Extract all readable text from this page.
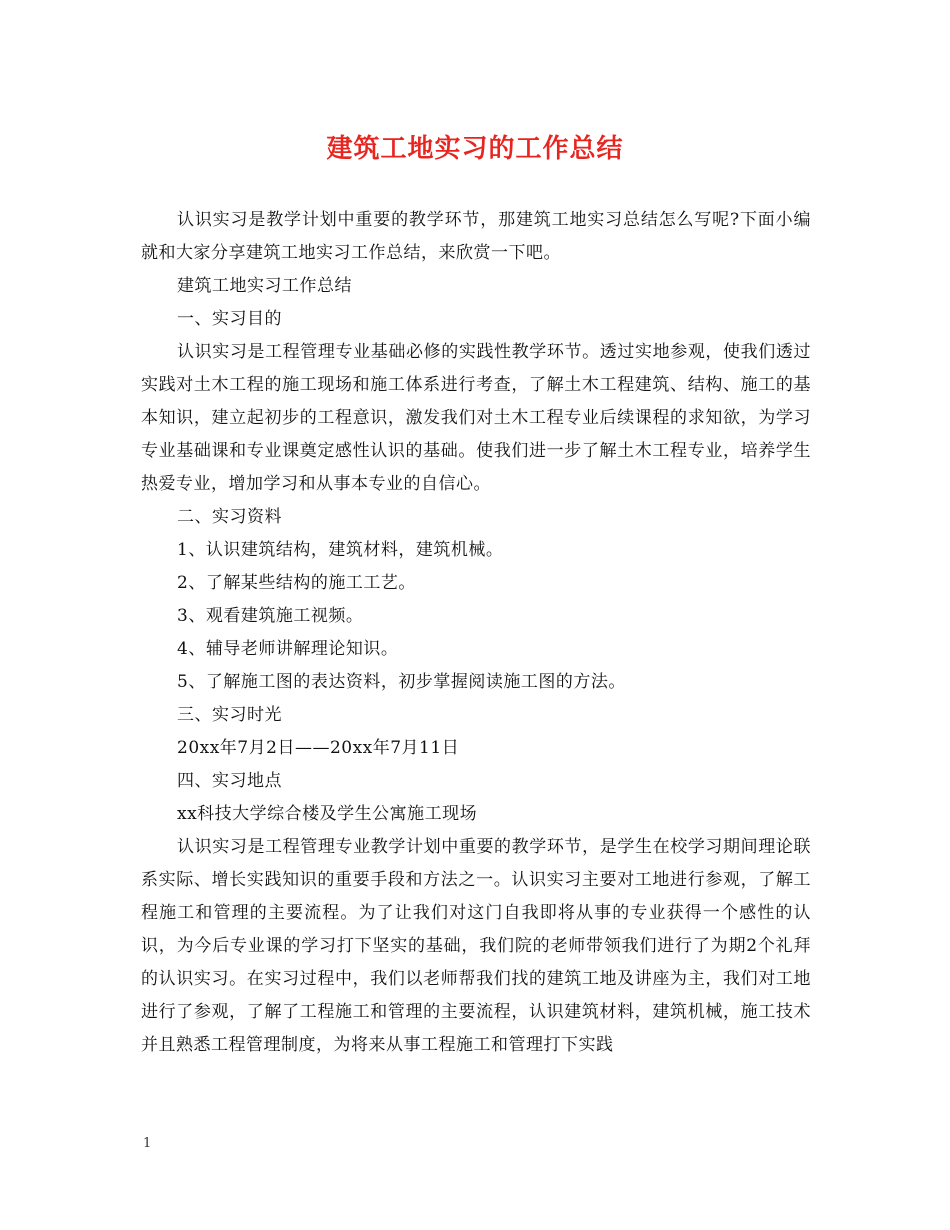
建筑工地实习的工作总结

认识实习是教学计划中重要的教学环节，那建筑工地实习总结怎么写呢?下面小编就和大家分享建筑工地实习工作总结，来欣赏一下吧。

建筑工地实习工作总结

一、实习目的

认识实习是工程管理专业基础必修的实践性教学环节。透过实地参观，使我们透过实践对土木工程的施工现场和施工体系进行考查，了解土木工程建筑、结构、施工的基本知识，建立起初步的工程意识，激发我们对土木工程专业后续课程的求知欲，为学习专业基础课和专业课奠定感性认识的基础。使我们进一步了解土木工程专业，培养学生热爱专业，增加学习和从事本专业的自信心。

二、实习资料

1、认识建筑结构，建筑材料，建筑机械。

2、了解某些结构的施工工艺。

3、观看建筑施工视频。

4、辅导老师讲解理论知识。

5、了解施工图的表达资料，初步掌握阅读施工图的方法。

三、实习时光

20xx年7月2日——20xx年7月11日

四、实习地点

xx科技大学综合楼及学生公寓施工现场

认识实习是工程管理专业教学计划中重要的教学环节，是学生在校学习期间理论联系实际、增长实践知识的重要手段和方法之一。认识实习主要对工地进行参观，了解工程施工和管理的主要流程。为了让我们对这门自我即将从事的专业获得一个感性的认识，为今后专业课的学习打下坚实的基础，我们院的老师带领我们进行了为期2个礼拜的认识实习。在实习过程中，我们以老师帮我们找的建筑工地及讲座为主，我们对工地进行了参观，了解了工程施工和管理的主要流程，认识建筑材料，建筑机械，施工技术并且熟悉工程管理制度，为将来从事工程施工和管理打下实践

1
